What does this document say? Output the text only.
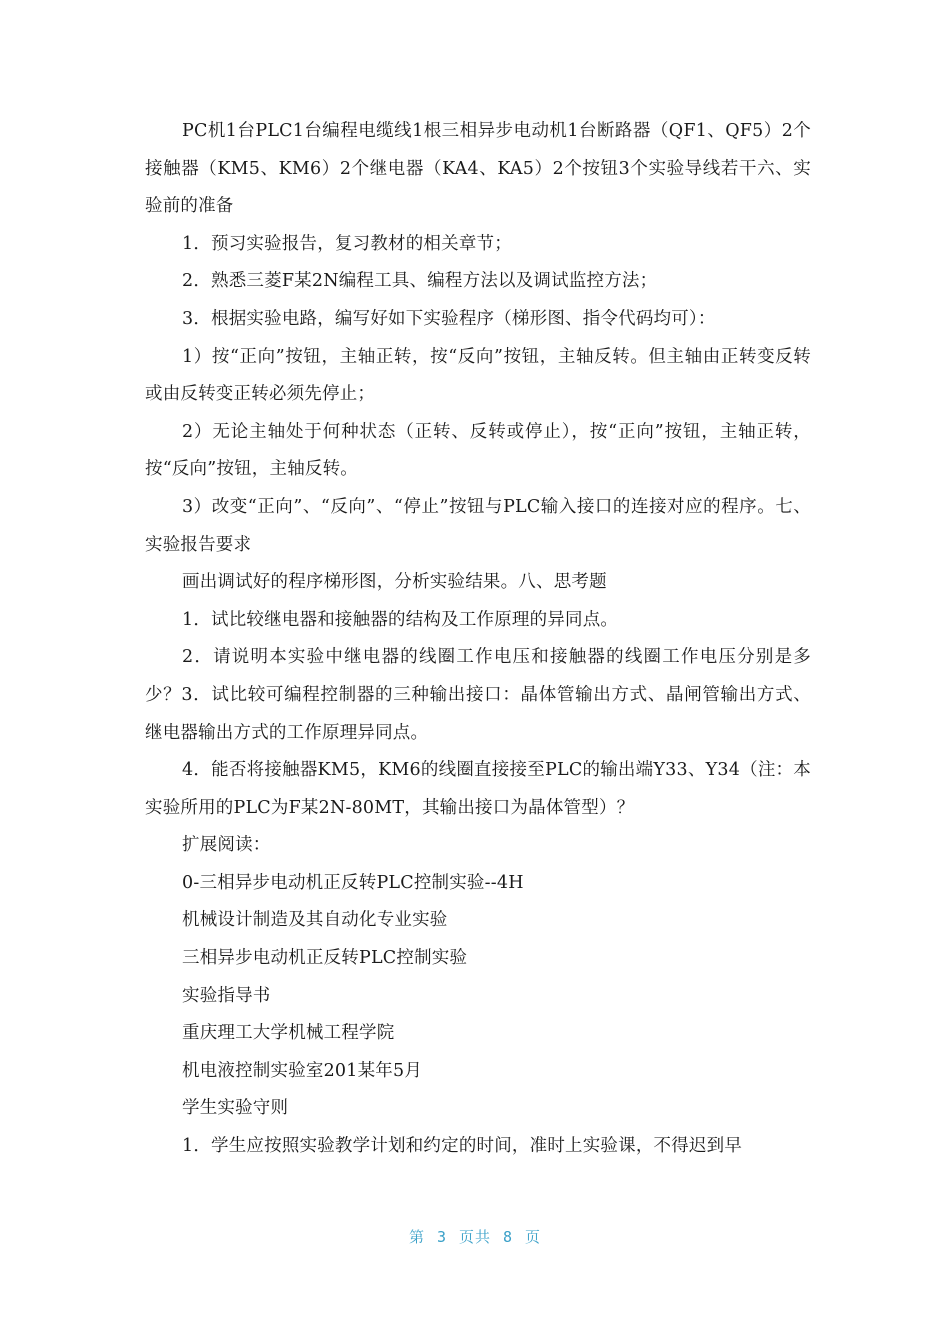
PC机1台PLC1台编程电缆线1根三相异步电动机1台断路器（QF1、QF5）2个接触器（KM5、KM6）2个继电器（KA4、KA5）2个按钮3个实验导线若干六、实验前的准备

1．预习实验报告，复习教材的相关章节；

2．熟悉三菱F某2N编程工具、编程方法以及调试监控方法；

3．根据实验电路，编写好如下实验程序（梯形图、指令代码均可）：

1）按“正向”按钮，主轴正转，按“反向”按钮，主轴反转。但主轴由正转变反转或由反转变正转必须先停止；

2）无论主轴处于何种状态（正转、反转或停止），按“正向”按钮，主轴正转，按“反向”按钮，主轴反转。

3）改变“正向”、“反向”、“停止”按钮与PLC输入接口的连接对应的程序。七、实验报告要求

画出调试好的程序梯形图，分析实验结果。八、思考题

1．试比较继电器和接触器的结构及工作原理的异同点。

2．请说明本实验中继电器的线圈工作电压和接触器的线圈工作电压分别是多少？3．试比较可编程控制器的三种输出接口：晶体管输出方式、晶闸管输出方式、继电器输出方式的工作原理异同点。

4．能否将接触器KM5，KM6的线圈直接接至PLC的输出端Y33、Y34（注：本实验所用的PLC为F某2N-80MT，其输出接口为晶体管型）？

扩展阅读：

0-三相异步电动机正反转PLC控制实验--4H

机械设计制造及其自动化专业实验

三相异步电动机正反转PLC控制实验

实验指导书

重庆理工大学机械工程学院

机电液控制实验室201某年5月

学生实验守则

1．学生应按照实验教学计划和约定的时间，准时上实验课，不得迟到早

第 3 页共 8 页
